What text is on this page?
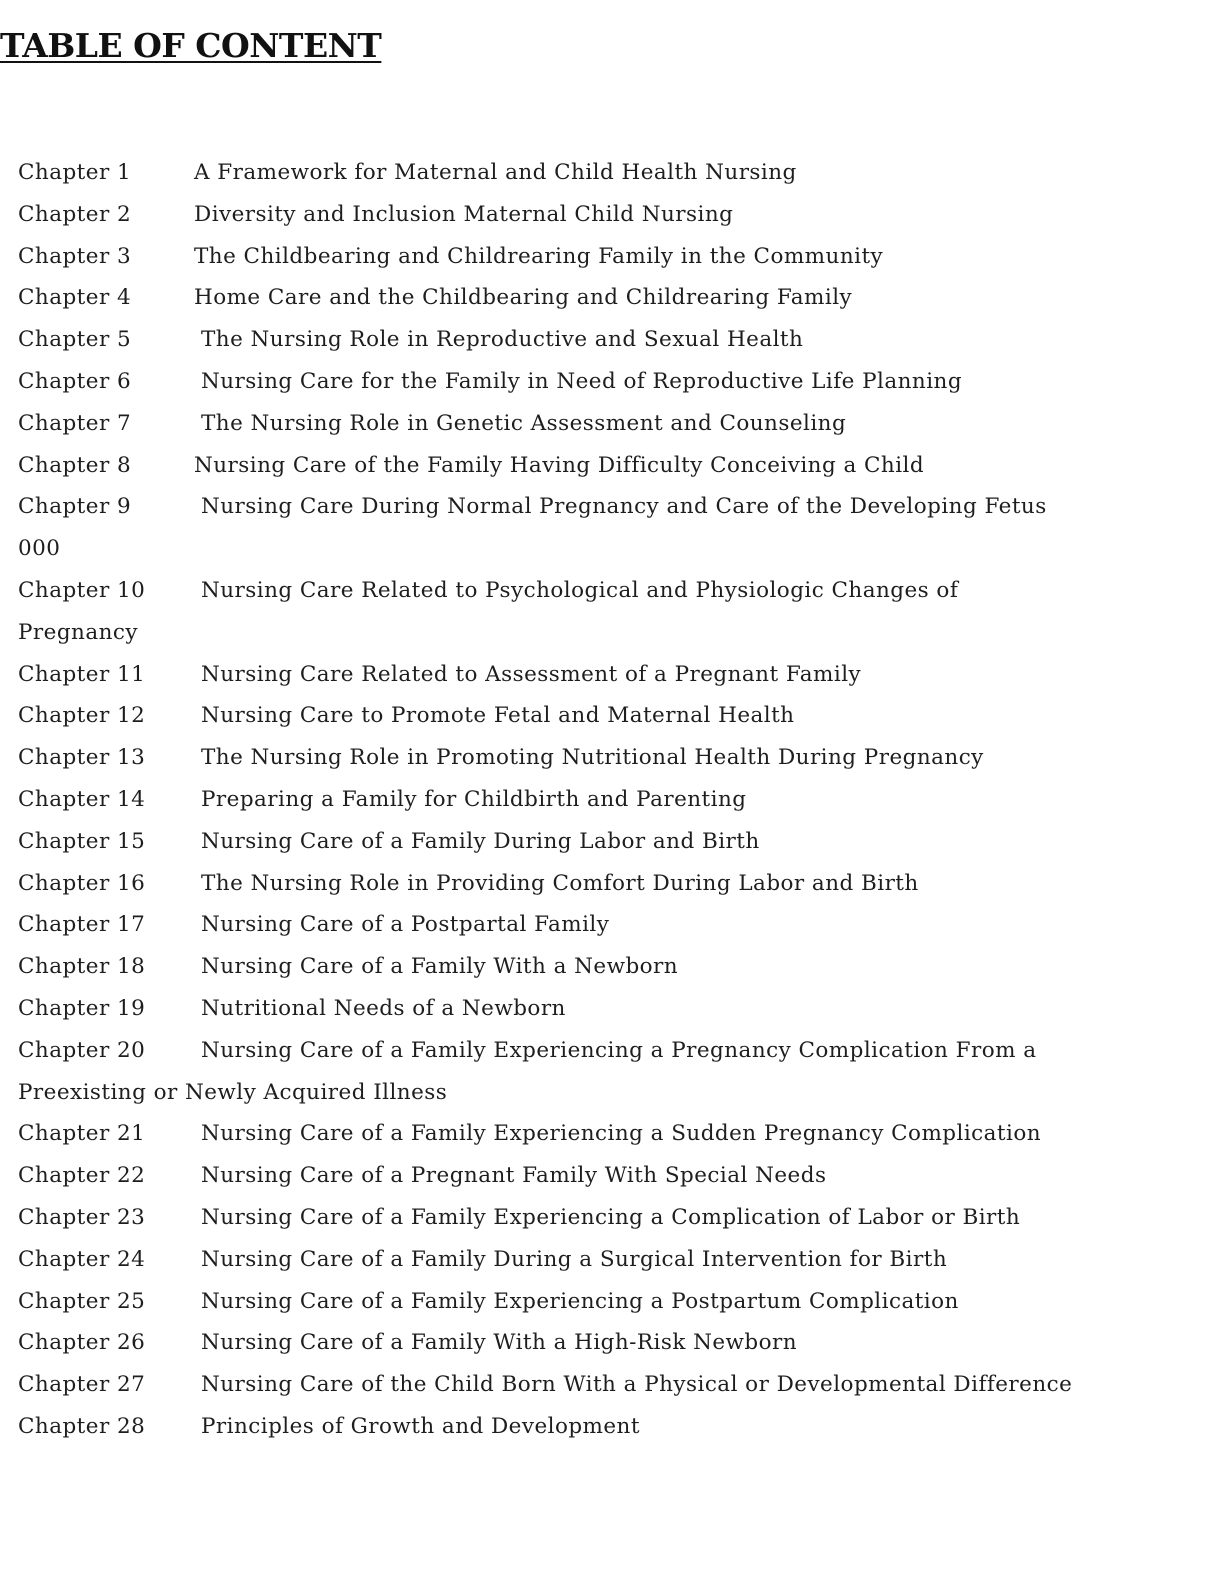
TABLE OF CONTENT
Chapter 1	A Framework for Maternal and Child Health Nursing
Chapter 2	Diversity and Inclusion Maternal Child Nursing
Chapter 3	The Childbearing and Childrearing Family in the Community
Chapter 4	Home Care and the Childbearing and Childrearing Family
Chapter 5	The Nursing Role in Reproductive and Sexual Health
Chapter 6	Nursing Care for the Family in Need of Reproductive Life Planning
Chapter 7	The Nursing Role in Genetic Assessment and Counseling
Chapter 8	Nursing Care of the Family Having Difficulty Conceiving a Child
Chapter 9	Nursing Care During Normal Pregnancy and Care of the Developing Fetus
000
Chapter 10	Nursing Care Related to Psychological and Physiologic Changes of
Pregnancy
Chapter 11	Nursing Care Related to Assessment of a Pregnant Family
Chapter 12	Nursing Care to Promote Fetal and Maternal Health
Chapter 13	The Nursing Role in Promoting Nutritional Health During Pregnancy
Chapter 14	Preparing a Family for Childbirth and Parenting
Chapter 15	Nursing Care of a Family During Labor and Birth
Chapter 16	The Nursing Role in Providing Comfort During Labor and Birth
Chapter 17	Nursing Care of a Postpartal Family
Chapter 18	Nursing Care of a Family With a Newborn
Chapter 19	Nutritional Needs of a Newborn
Chapter 20	Nursing Care of a Family Experiencing a Pregnancy Complication From a
Preexisting or Newly Acquired Illness
Chapter 21	Nursing Care of a Family Experiencing a Sudden Pregnancy Complication
Chapter 22	Nursing Care of a Pregnant Family With Special Needs
Chapter 23	Nursing Care of a Family Experiencing a Complication of Labor or Birth
Chapter 24	Nursing Care of a Family During a Surgical Intervention for Birth
Chapter 25	Nursing Care of a Family Experiencing a Postpartum Complication
Chapter 26	Nursing Care of a Family With a High-Risk Newborn
Chapter 27	Nursing Care of the Child Born With a Physical or Developmental Difference
Chapter 28	Principles of Growth and Development
